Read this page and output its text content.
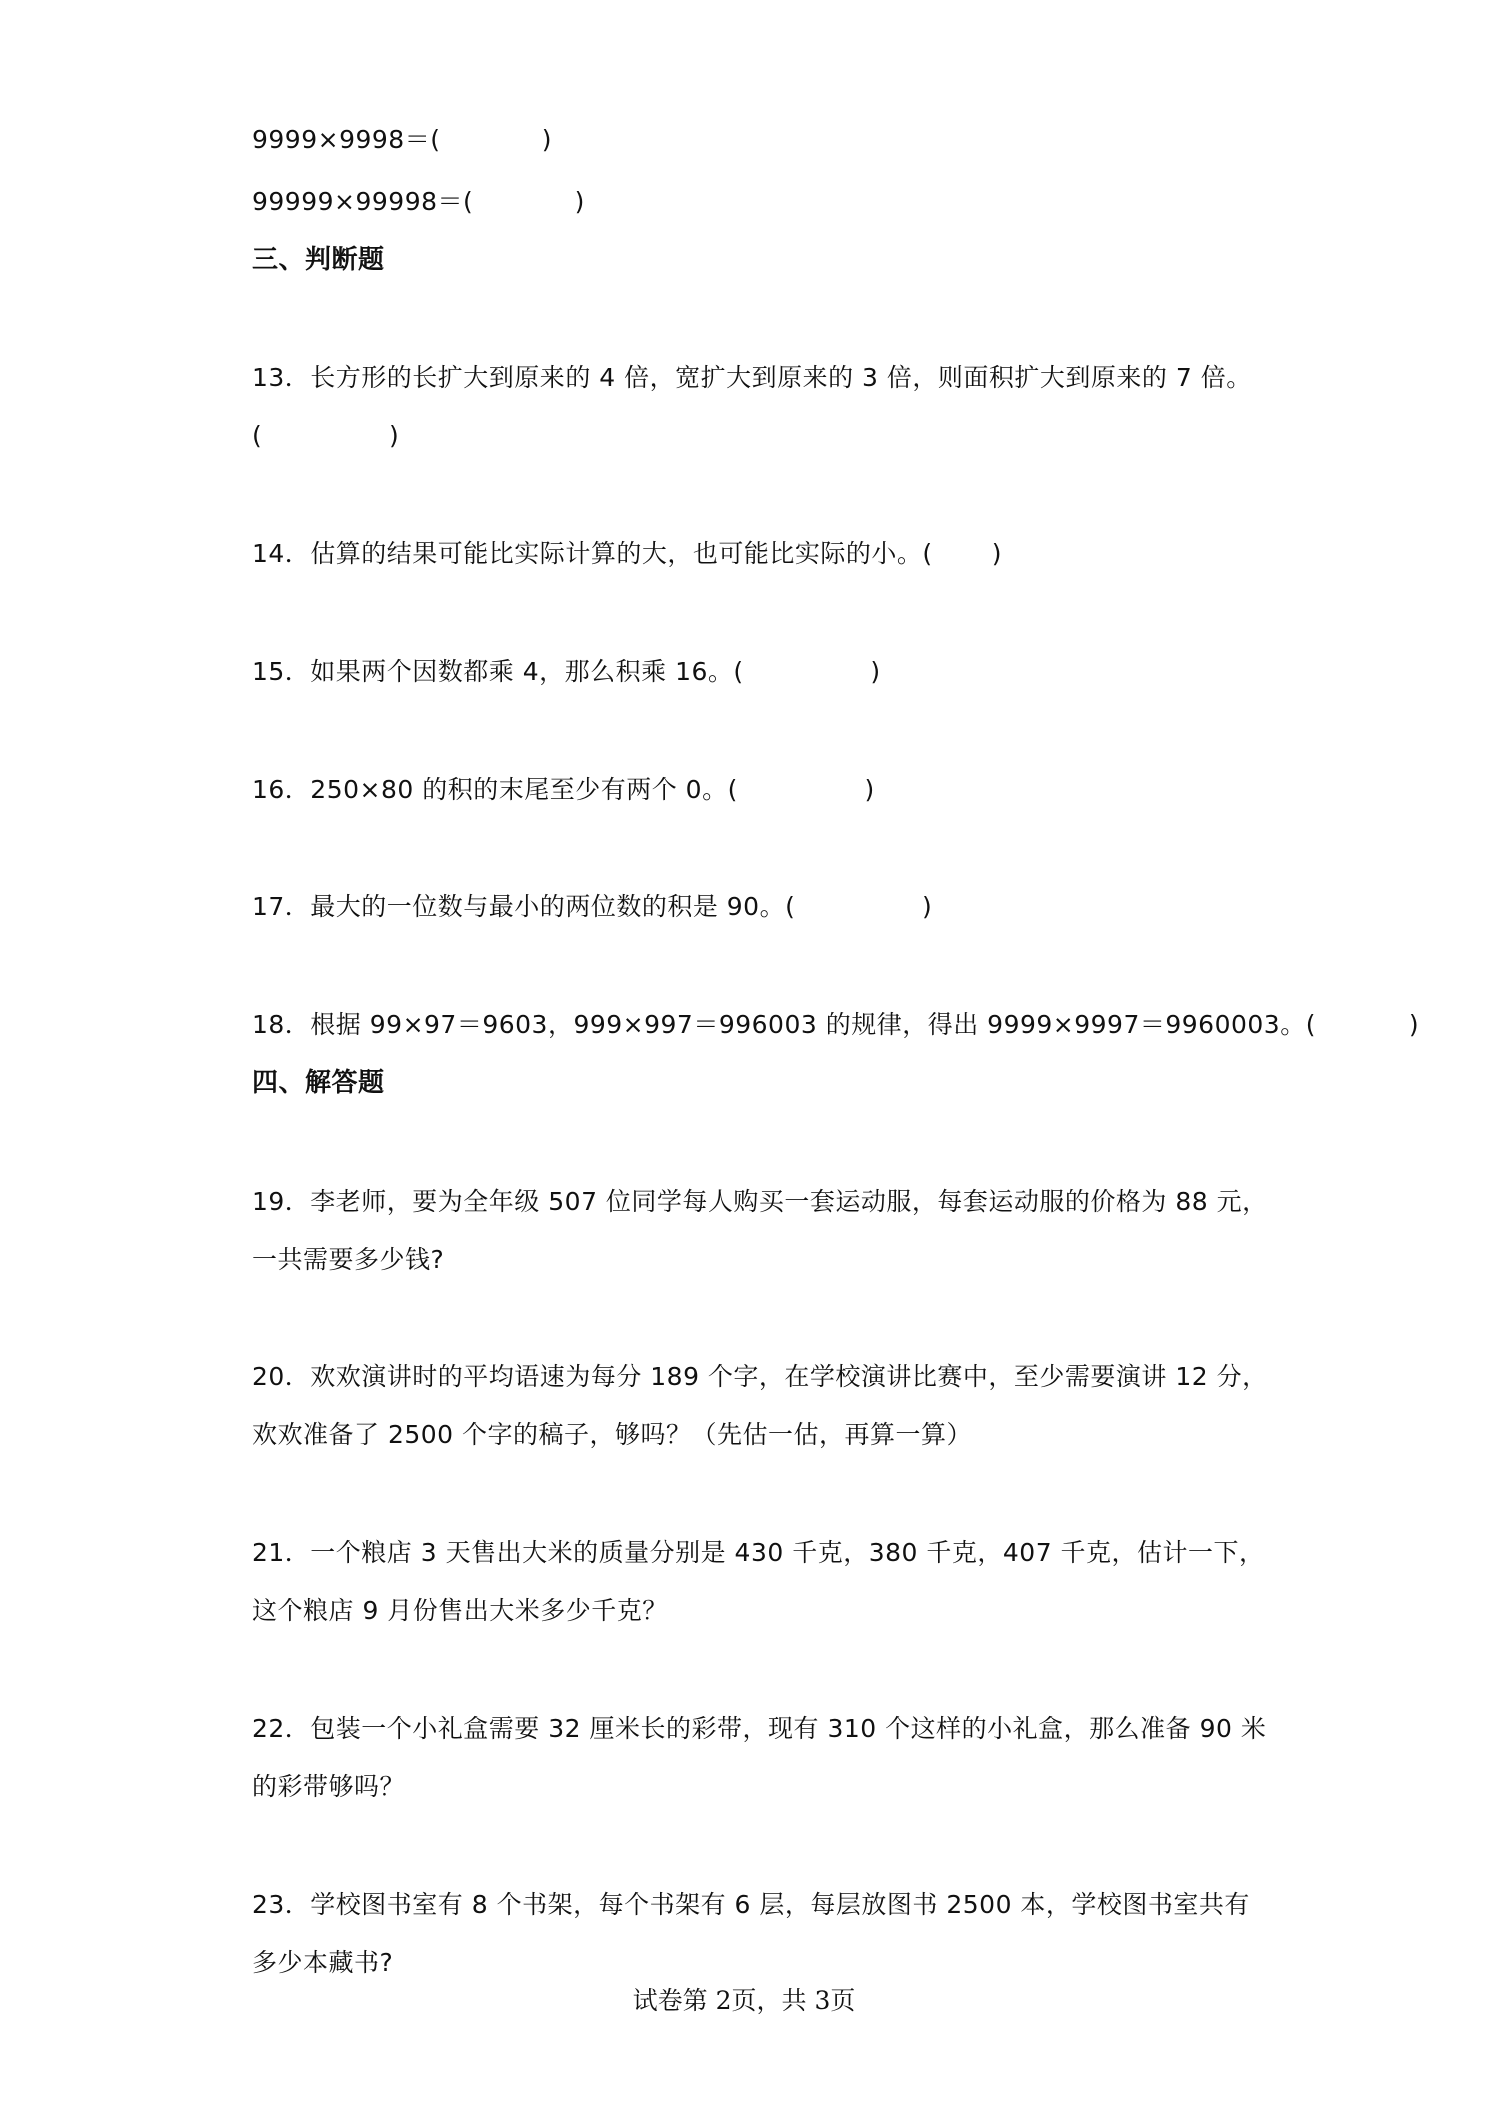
9999×9998＝(            )
99999×99998＝(            )
三、判断题
13．长方形的长扩大到原来的 4 倍，宽扩大到原来的 3 倍，则面积扩大到原来的 7 倍。
(               )
14．估算的结果可能比实际计算的大，也可能比实际的小。(       )
15．如果两个因数都乘 4，那么积乘 16。(               )
16．250×80 的积的末尾至少有两个 0。(               )
17．最大的一位数与最小的两位数的积是 90。(               )
18．根据 99×97＝9603，999×997＝996003 的规律，得出 9999×9997＝9960003。(           )
四、解答题
19．李老师，要为全年级 507 位同学每人购买一套运动服，每套运动服的价格为 88 元，
一共需要多少钱?
20．欢欢演讲时的平均语速为每分 189 个字，在学校演讲比赛中，至少需要演讲 12 分，
欢欢准备了 2500 个字的稿子，够吗？（先估一估，再算一算）
21．一个粮店 3 天售出大米的质量分别是 430 千克，380 千克，407 千克，估计一下，
这个粮店 9 月份售出大米多少千克？
22．包装一个小礼盒需要 32 厘米长的彩带，现有 310 个这样的小礼盒，那么准备 90 米
的彩带够吗？
23．学校图书室有 8 个书架，每个书架有 6 层，每层放图书 2500 本，学校图书室共有
多少本藏书?
试卷第 2页，共 3页
